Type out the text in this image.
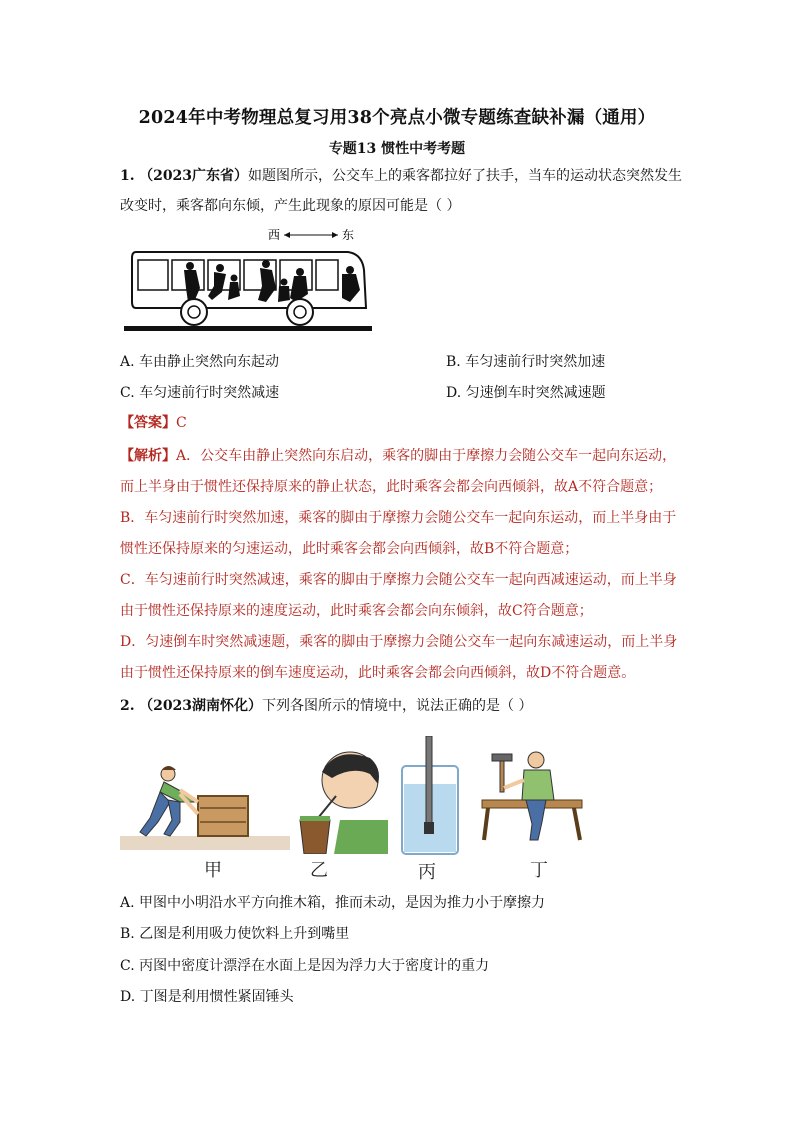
2024年中考物理总复习用38个亮点小微专题练查缺补漏（通用）
专题13 惯性中考考题
1. （2023广东省）如题图所示，公交车上的乘客都拉好了扶手，当车的运动状态突然发生
改变时，乘客都向东倾，产生此现象的原因可能是（ ）
西	东
A. 车由静止突然向东起动	B. 车匀速前行时突然加速
C. 车匀速前行时突然减速	D. 匀速倒车时突然减速题
【答案】C
【解析】A．公交车由静止突然向东启动，乘客的脚由于摩擦力会随公交车一起向东运动，
而上半身由于惯性还保持原来的静止状态，此时乘客会都会向西倾斜，故A不符合题意；
B．车匀速前行时突然加速，乘客的脚由于摩擦力会随公交车一起向东运动，而上半身由于
惯性还保持原来的匀速运动，此时乘客会都会向西倾斜，故B不符合题意；
C．车匀速前行时突然减速，乘客的脚由于摩擦力会随公交车一起向西减速运动，而上半身
由于惯性还保持原来的速度运动，此时乘客会都会向东倾斜，故C符合题意；
D．匀速倒车时突然减速题，乘客的脚由于摩擦力会随公交车一起向东减速运动，而上半身
由于惯性还保持原来的倒车速度运动，此时乘客会都会向西倾斜，故D不符合题意。
2. （2023湖南怀化）下列各图所示的情境中，说法正确的是（ ）
甲	乙	丙	丁
A. 甲图中小明沿水平方向推木箱，推而未动，是因为推力小于摩擦力
B. 乙图是利用吸力使饮料上升到嘴里
C. 丙图中密度计漂浮在水面上是因为浮力大于密度计的重力
D. 丁图是利用惯性紧固锤头
